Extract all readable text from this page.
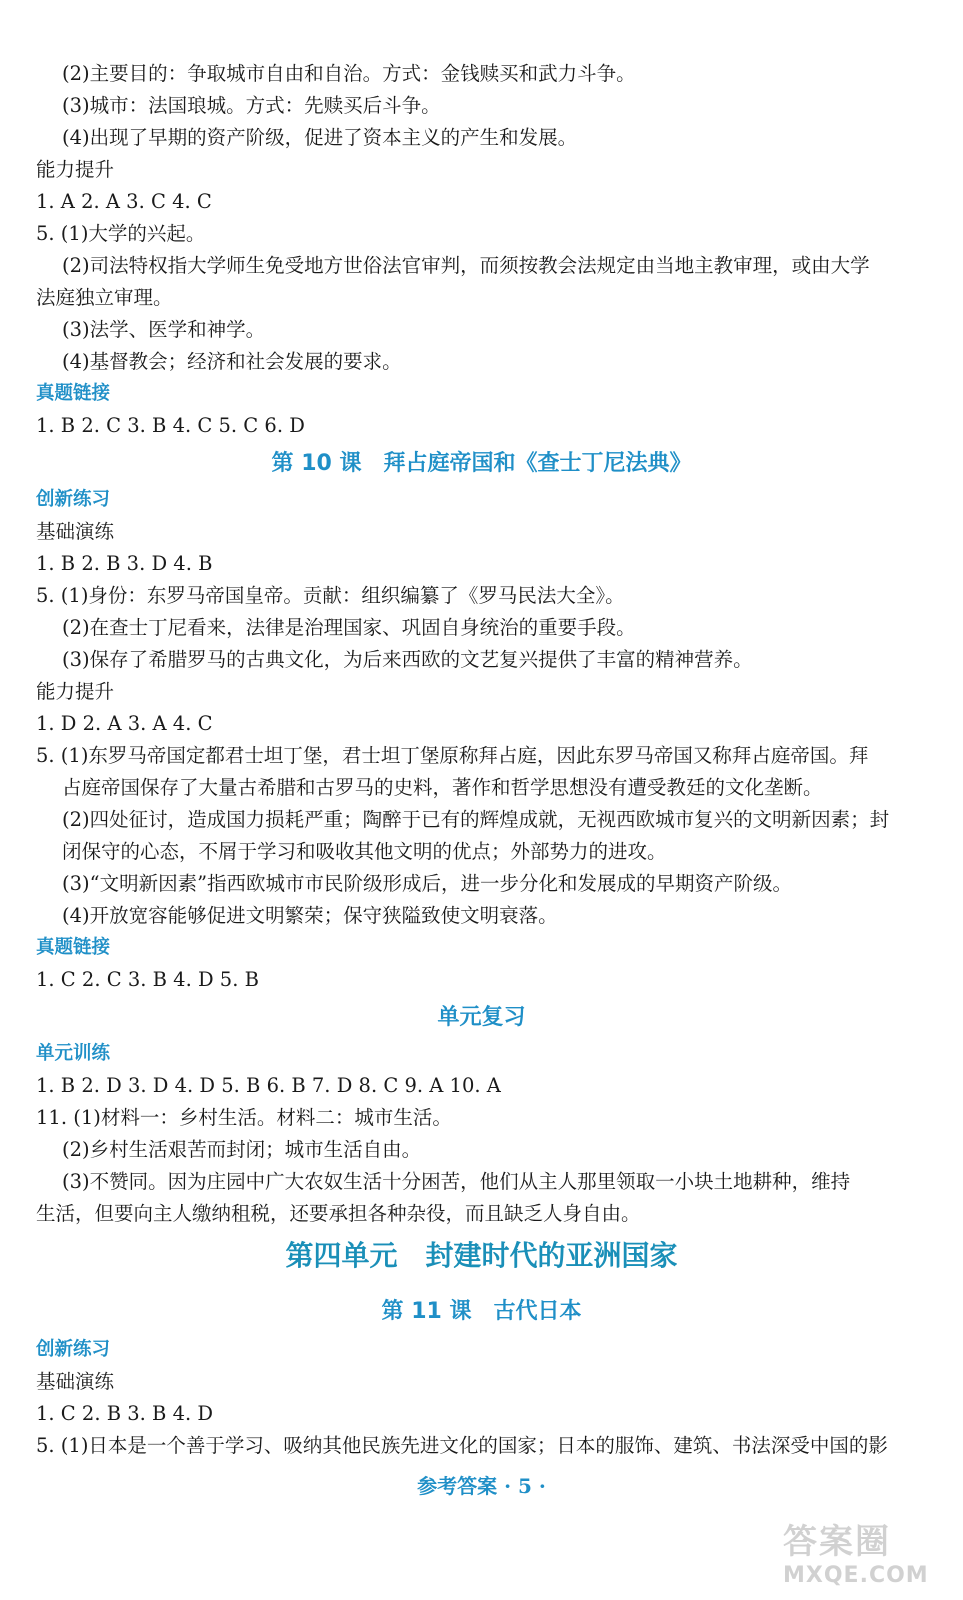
(2)主要目的：争取城市自由和自治。方式：金钱赎买和武力斗争。
(3)城市：法国琅城。方式：先赎买后斗争。
(4)出现了早期的资产阶级，促进了资本主义的产生和发展。
能力提升
1. A 2. A 3. C 4. C
5. (1)大学的兴起。
(2)司法特权指大学师生免受地方世俗法官审判，而须按教会法规定由当地主教审理，或由大学
法庭独立审理。
(3)法学、医学和神学。
(4)基督教会；经济和社会发展的要求。
真题链接
1. B 2. C 3. B 4. C 5. C 6. D
第 10 课　拜占庭帝国和《查士丁尼法典》
创新练习
基础演练
1. B 2. B 3. D 4. B
5. (1)身份：东罗马帝国皇帝。贡献：组织编纂了《罗马民法大全》。
(2)在查士丁尼看来，法律是治理国家、巩固自身统治的重要手段。
(3)保存了希腊罗马的古典文化，为后来西欧的文艺复兴提供了丰富的精神营养。
能力提升
1. D 2. A 3. A 4. C
5. (1)东罗马帝国定都君士坦丁堡，君士坦丁堡原称拜占庭，因此东罗马帝国又称拜占庭帝国。拜
占庭帝国保存了大量古希腊和古罗马的史料，著作和哲学思想没有遭受教廷的文化垄断。
(2)四处征讨，造成国力损耗严重；陶醉于已有的辉煌成就，无视西欧城市复兴的文明新因素；封
闭保守的心态，不屑于学习和吸收其他文明的优点；外部势力的进攻。
(3)“文明新因素”指西欧城市市民阶级形成后，进一步分化和发展成的早期资产阶级。
(4)开放宽容能够促进文明繁荣；保守狭隘致使文明衰落。
真题链接
1. C 2. C 3. B 4. D 5. B
单元复习
单元训练
1. B 2. D 3. D 4. D 5. B 6. B 7. D 8. C 9. A 10. A
11. (1)材料一：乡村生活。材料二：城市生活。
(2)乡村生活艰苦而封闭；城市生活自由。
(3)不赞同。因为庄园中广大农奴生活十分困苦，他们从主人那里领取一小块土地耕种，维持
生活，但要向主人缴纳租税，还要承担各种杂役，而且缺乏人身自由。
第四单元　封建时代的亚洲国家
第 11 课　古代日本
创新练习
基础演练
1. C 2. B 3. B 4. D
5. (1)日本是一个善于学习、吸纳其他民族先进文化的国家；日本的服饰、建筑、书法深受中国的影
参考答案 · 5 ·
答案圈
MXQE.COM
